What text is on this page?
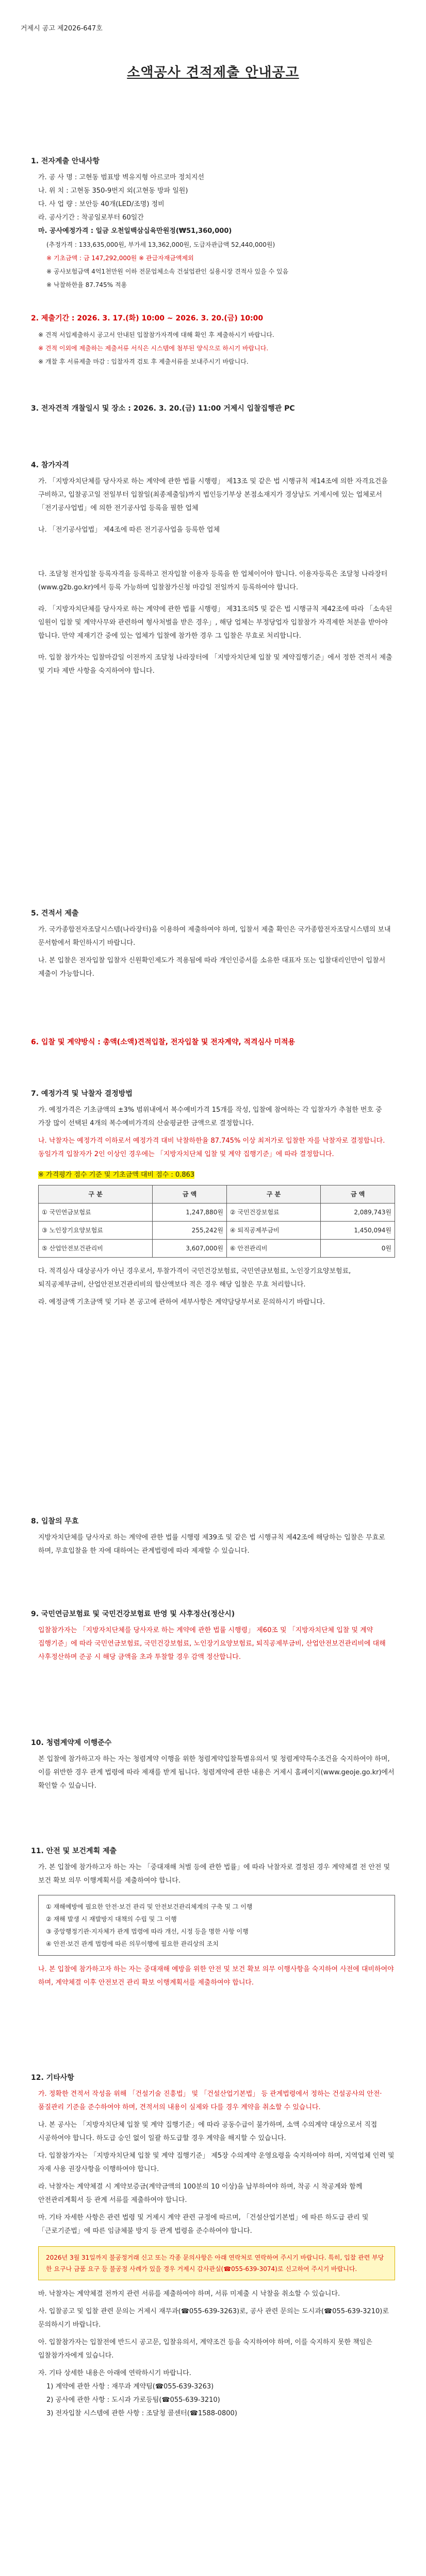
거제시 공고 제2026-647호
소액공사 견적제출 안내공고
1. 전자계출 안내사항
가. 공 사 명 : 고현동 범표방 벽유지형 아르코마 정치지선
나. 위 치 : 고현동 350-9번지 외(고현동 방파 일원)
다. 사 업 량 : 보안등 40개(LED/조명) 정비
라. 공사기간 : 착공일로부터 60일간
마. 공사예정가격 : 일금 오천일백삼십육만원정(₩51,360,000)
(추정가격 : 133,635,000원, 부가세 13,362,000원, 도급자관급액 52,440,000원)
※ 기초금액 : 금 147,292,000원 ※ 관급자재금액제외
※ 공사보험금액 4억1천만원 이하 전문업체소속 건설업관인 실용시장 견적사 있을 수 있음
※ 낙찰하한율 87.745% 적용
2. 제출기간 : 2026. 3. 17.(화) 10:00 ~ 2026. 3. 20.(금) 10:00
※ 견적 서입제출하시 공고서 안내된 입찰참가자격에 대해 확인 후 제출하시기 바랍니다.
※ 견적 이외에 제출하는 제출서류 서식은 시스템에 첨부된 양식으로 하시기 바랍니다.
※ 개찰 후 서류제출 마감 : 입찰자격 검토 후 제출서류를 보내주시기 바랍니다.
3. 전자견적 개찰일시 및 장소 : 2026. 3. 20.(금) 11:00 거제시 입찰집행관 PC
4. 참가자격

가. 「지방자치단체를 당사자로 하는 계약에 관한 법률 시행령」 제13조 및 같은 법 시행규칙 제14조에 의한 자격요건을 구비하고, 입찰공고일 전일부터 입찰일(최종제출일)까지 법인등기부상 본점소재지가 경상남도 거제시에 있는 업체로서 「전기공사업법」에 의한 전기공사업 등록을 필한 업체

나. 「전기공사업법」 제4조에 따른 전기공사업을 등록한 업체

다. 조달청 전자입찰 등록자격을 등록하고 전자입찰 이용자 등록을 한 업체이어야 합니다. 이용자등록은 조달청 나라장터(www.g2b.go.kr)에서 등록 가능하며 입찰참가신청 마감일 전일까지 등록하여야 합니다.

라. 「지방자치단체를 당사자로 하는 계약에 관한 법률 시행령」 제31조의5 및 같은 법 시행규칙 제42조에 따라 「소속된 임원이 입찰 및 계약사무와 관련하여 형사처벌을 받은 경우」, 해당 업체는 부정당업자 입찰참가 자격제한 처분을 받아야 합니다. 만약 제재기간 중에 있는 업체가 입찰에 참가한 경우 그 입찰은 무효로 처리합니다.

마. 입찰 참가자는 입찰마감일 이전까지 조달청 나라장터에 「지방자치단체 입찰 및 계약집행기준」에서 정한 견적서 제출 및 기타 제반 사항을 숙지하여야 합니다.

5. 견적서 제출

가. 국가종합전자조달시스템(나라장터)을 이용하여 제출하여야 하며, 입찰서 제출 확인은 국가종합전자조달시스템의 보내 문서함에서 확인하시기 바랍니다.

나. 본 입찰은 전자입찰 입찰자 신원확인제도가 적용됨에 따라 개인인증서를 소유한 대표자 또는 입찰대리인만이 입찰서 제출이 가능합니다.

6. 입찰 및 계약방식 : 총액(소액)견적입찰, 전자입찰 및 전자계약, 적격심사 미적용
7. 예정가격 및 낙찰자 결정방법

가. 예정가격은 기초금액의 ±3% 범위내에서 복수예비가격 15개를 작성, 입찰에 참여하는 각 입찰자가 추첨한 번호 중 가장 많이 선택된 4개의 복수예비가격의 산술평균한 금액으로 결정합니다.

나. 낙찰자는 예정가격 이하로서 예정가격 대비 낙찰하한율 87.745% 이상 최저가로 입찰한 자를 낙찰자로 결정합니다. 동일가격 입찰자가 2인 이상인 경우에는 「지방자치단체 입찰 및 계약 집행기준」에 따라 결정합니다.

※ 가격평가 점수 기준 및 기초금액 대비 점수 : 0.863
구 분	금 액	구 분	금 액
① 국민연금보험료	1,247,880원	② 국민건강보험료	2,089,743원
③ 노인장기요양보험료	255,242원	④ 퇴직공제부금비	1,450,094원
⑤ 산업안전보건관리비	3,607,000원	⑥ 안전관리비	0원

다. 적격심사 대상공사가 아닌 경우로서, 투찰가격이 국민건강보험료, 국민연금보험료, 노인장기요양보험료, 퇴직공제부금비, 산업안전보건관리비의 합산액보다 적은 경우 해당 입찰은 무효 처리합니다.

라. 예정금액 기초금액 및 기타 본 공고에 관하여 세부사항은 계약담당부서로 문의하시기 바랍니다.

8. 입찰의 무효

지방자치단체를 당사자로 하는 계약에 관한 법률 시행령 제39조 및 같은 법 시행규칙 제42조에 해당하는 입찰은 무효로 하며, 무효입찰을 한 자에 대하여는 관계법령에 따라 제재할 수 있습니다.

9. 국민연금보험료 및 국민건강보험료 반영 및 사후정산(정산시)

입찰참가자는 「지방자치단체를 당사자로 하는 계약에 관한 법률 시행령」 제60조 및 「지방자치단체 입찰 및 계약 집행기준」에 따라 국민연금보험료, 국민건강보험료, 노인장기요양보험료, 퇴직공제부금비, 산업안전보건관리비에 대해 사후정산하며 준공 시 해당 금액을 초과 투찰할 경우 감액 정산합니다.

10. 청렴계약제 이행준수

본 입찰에 참가하고자 하는 자는 청렴계약 이행을 위한 청렴계약입찰특별유의서 및 청렴계약특수조건을 숙지하여야 하며, 이를 위반한 경우 관계 법령에 따라 제재를 받게 됩니다. 청렴계약에 관한 내용은 거제시 홈페이지(www.geoje.go.kr)에서 확인할 수 있습니다.

11. 안전 및 보건계획 제출

가. 본 입찰에 참가하고자 하는 자는 「중대재해 처벌 등에 관한 법률」에 따라 낙찰자로 결정된 경우 계약체결 전 안전 및 보건 확보 의무 이행계획서를 제출하여야 합니다.

① 재해예방에 필요한 안전·보건 관리 및 안전보건관리체계의 구축 및 그 이행
② 재해 발생 시 재발방지 대책의 수립 및 그 이행
③ 중앙행정기관·지자체가 관계 법령에 따라 개선, 시정 등을 명한 사항 이행
④ 안전·보건 관계 법령에 따른 의무이행에 필요한 관리상의 조치

나. 본 입찰에 참가하고자 하는 자는 중대재해 예방을 위한 안전 및 보건 확보 의무 이행사항을 숙지하여 사전에 대비하여야 하며, 계약체결 이후 안전보건 관리 확보 이행계획서를 제출하여야 합니다.

12. 기타사항

가. 정확한 견적서 작성을 위해 「건설기술 진흥법」 및 「건설산업기본법」 등 관계법령에서 정하는 건설공사의 안전·품질관리 기준을 준수하여야 하며, 견적서의 내용이 실제와 다를 경우 계약을 취소할 수 있습니다.

나. 본 공사는 「지방자치단체 입찰 및 계약 집행기준」에 따라 공동수급이 불가하며, 소액 수의계약 대상으로서 직접 시공하여야 합니다. 하도급 승인 없이 일괄 하도급할 경우 계약을 해지할 수 있습니다.

다. 입찰참가자는 「지방자치단체 입찰 및 계약 집행기준」 제5장 수의계약 운영요령을 숙지하여야 하며, 지역업체 인력 및 자재 사용 권장사항을 이행하여야 합니다.

라. 낙찰자는 계약체결 시 계약보증금(계약금액의 100분의 10 이상)을 납부하여야 하며, 착공 시 착공계와 함께 안전관리계획서 등 관계 서류를 제출하여야 합니다.

마. 기타 자세한 사항은 관련 법령 및 거제시 계약 관련 규정에 따르며, 「건설산업기본법」에 따른 하도급 관리 및 「근로기준법」에 따른 임금체불 방지 등 관계 법령을 준수하여야 합니다.

2026년 3월 31일까지 불공정거래 신고 또는 각종 문의사항은 아래 연락처로 연락하여 주시기 바랍니다. 특히, 입찰 관련 부당한 요구나 금품 요구 등 불공정 사례가 있을 경우 거제시 감사관실(☎055-639-3074)로 신고하여 주시기 바랍니다.

바. 낙찰자는 계약체결 전까지 관련 서류를 제출하여야 하며, 서류 미제출 시 낙찰을 취소할 수 있습니다.

사. 입찰공고 및 입찰 관련 문의는 거제시 재무과(☎055-639-3263)로, 공사 관련 문의는 도시과(☎055-639-3210)로 문의하시기 바랍니다.

아. 입찰참가자는 입찰전에 반드시 공고문, 입찰유의서, 계약조건 등을 숙지하여야 하며, 이를 숙지하지 못한 책임은 입찰참가자에게 있습니다.

자. 기타 상세한 내용은 아래에 연락하시기 바랍니다.

1) 계약에 관한 사항 : 재무과 계약팀(☎055-639-3263)
2) 공사에 관한 사항 : 도시과 가로등팀(☎055-639-3210)
3) 전자입찰 시스템에 관한 사항 : 조달청 콜센터(☎1588-0800)
